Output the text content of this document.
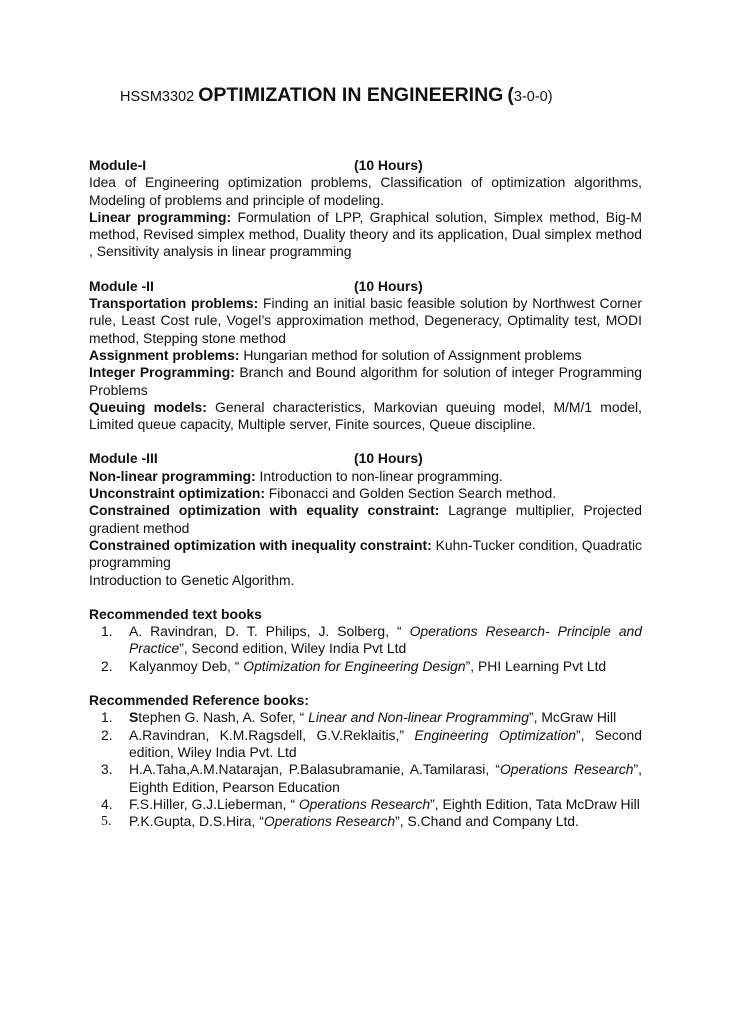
HSSM3302 OPTIMIZATION IN ENGINEERING (3-0-0)
Module-I	(10 Hours)

Idea of Engineering optimization problems, Classification of optimization algorithms, Modeling of problems and principle of modeling.

Linear programming: Formulation of LPP, Graphical solution, Simplex method, Big-M method, Revised simplex method, Duality theory and its application, Dual simplex method , Sensitivity analysis in linear programming

Module -II	(10 Hours)

Transportation problems: Finding an initial basic feasible solution by Northwest Corner rule, Least Cost rule, Vogel’s approximation method, Degeneracy, Optimality test, MODI method, Stepping stone method

Assignment problems: Hungarian method for solution of Assignment problems

Integer Programming: Branch and Bound algorithm for solution of integer Programming Problems

Queuing models: General characteristics, Markovian queuing model, M/M/1 model, Limited queue capacity, Multiple server, Finite sources, Queue discipline.

Module -III	(10 Hours)

Non-linear programming: Introduction to non-linear programming.

Unconstraint optimization: Fibonacci and Golden Section Search method.

Constrained optimization with equality constraint: Lagrange multiplier, Projected gradient method

Constrained optimization with inequality constraint: Kuhn-Tucker condition, Quadratic programming

Introduction to Genetic Algorithm.

Recommended text books

1. A. Ravindran, D. T. Philips, J. Solberg, “ Operations Research- Principle and Practice”, Second edition, Wiley India Pvt Ltd
2. Kalyanmoy Deb, “ Optimization for Engineering Design”, PHI Learning Pvt Ltd

Recommended Reference books:

1. Stephen G. Nash, A. Sofer, “ Linear and Non-linear Programming”, McGraw Hill
2. A.Ravindran, K.M.Ragsdell, G.V.Reklaitis,” Engineering Optimization”, Second edition, Wiley India Pvt. Ltd
3. H.A.Taha,A.M.Natarajan, P.Balasubramanie, A.Tamilarasi, “Operations Research”, Eighth Edition, Pearson Education
4. F.S.Hiller, G.J.Lieberman, “ Operations Research”, Eighth Edition, Tata McDraw Hill
5. P.K.Gupta, D.S.Hira, “Operations Research”, S.Chand and Company Ltd.
